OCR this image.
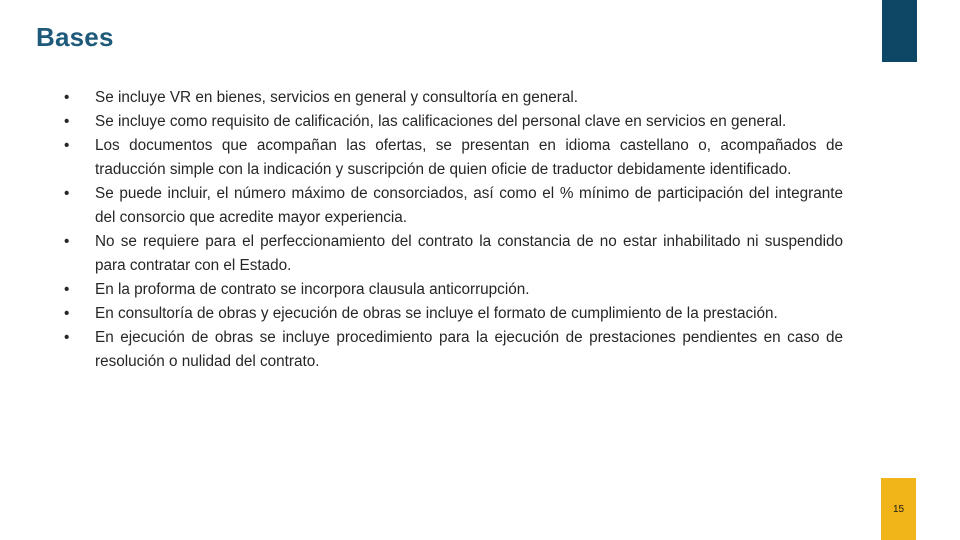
Bases
• Se incluye VR en bienes, servicios en general y consultoría en general.
• Se incluye como requisito de calificación, las calificaciones del personal clave en servicios en general.
• Los documentos que acompañan las ofertas, se presentan en idioma castellano o, acompañados de traducción simple con la indicación y suscripción de quien oficie de traductor debidamente identificado.
• Se puede incluir, el número máximo de consorciados, así como el % mínimo de participación del integrante del consorcio que acredite mayor experiencia.
• No se requiere para el perfeccionamiento del contrato la constancia de no estar inhabilitado ni suspendido para contratar con el Estado.
• En la proforma de contrato se incorpora clausula anticorrupción.
• En consultoría de obras y ejecución de obras se incluye el formato de cumplimiento de la prestación.
• En ejecución de obras se incluye procedimiento para la ejecución de prestaciones pendientes en caso de resolución o nulidad del contrato.
15
